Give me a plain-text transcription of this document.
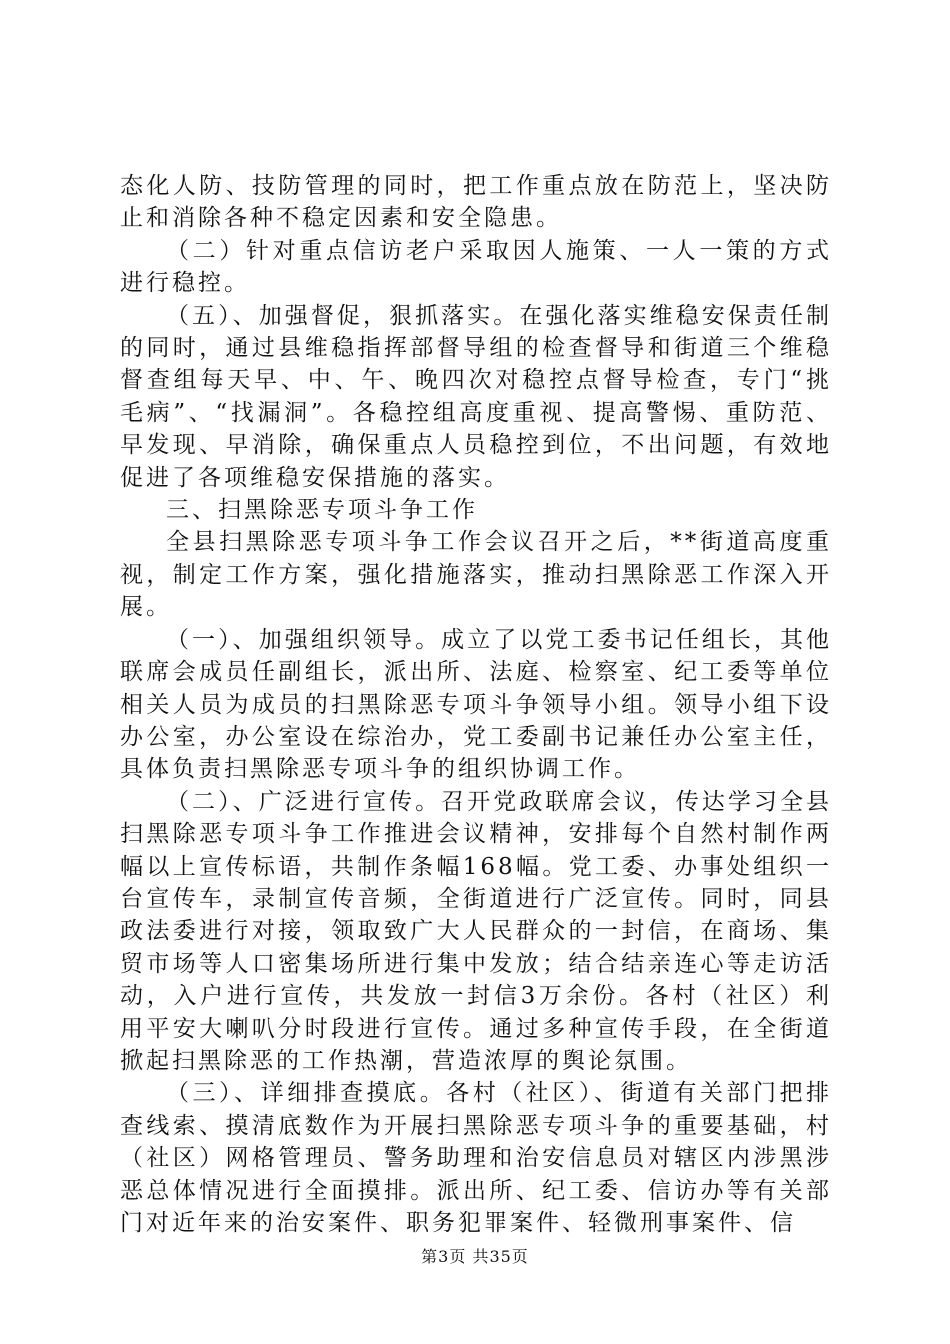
态化人防、技防管理的同时，把工作重点放在防范上，坚决防止和消除各种不稳定因素和安全隐患。

（二）针对重点信访老户采取因人施策、一人一策的方式进行稳控。

（五）、加强督促，狠抓落实。在强化落实维稳安保责任制的同时，通过县维稳指挥部督导组的检查督导和街道三个维稳督查组每天早、中、午、晚四次对稳控点督导检查，专门“挑毛病”、“找漏洞”。各稳控组高度重视、提高警惕、重防范、早发现、早消除，确保重点人员稳控到位，不出问题，有效地促进了各项维稳安保措施的落实。

三、扫黑除恶专项斗争工作

全县扫黑除恶专项斗争工作会议召开之后，**街道高度重视，制定工作方案，强化措施落实，推动扫黑除恶工作深入开展。

（一）、加强组织领导。成立了以党工委书记任组长，其他联席会成员任副组长，派出所、法庭、检察室、纪工委等单位相关人员为成员的扫黑除恶专项斗争领导小组。领导小组下设办公室，办公室设在综治办，党工委副书记兼任办公室主任，具体负责扫黑除恶专项斗争的组织协调工作。

（二）、广泛进行宣传。召开党政联席会议，传达学习全县扫黑除恶专项斗争工作推进会议精神，安排每个自然村制作两幅以上宣传标语，共制作条幅168幅。党工委、办事处组织一台宣传车，录制宣传音频，全街道进行广泛宣传。同时，同县政法委进行对接，领取致广大人民群众的一封信，在商场、集贸市场等人口密集场所进行集中发放；结合结亲连心等走访活动，入户进行宣传，共发放一封信3万余份。各村（社区）利用平安大喇叭分时段进行宣传。通过多种宣传手段，在全街道掀起扫黑除恶的工作热潮，营造浓厚的舆论氛围。

（三）、详细排查摸底。各村（社区）、街道有关部门把排查线索、摸清底数作为开展扫黑除恶专项斗争的重要基础，村（社区）网格管理员、警务助理和治安信息员对辖区内涉黑涉恶总体情况进行全面摸排。派出所、纪工委、信访办等有关部门对近年来的治安案件、职务犯罪案件、轻微刑事案件、信

第3页 共35页
